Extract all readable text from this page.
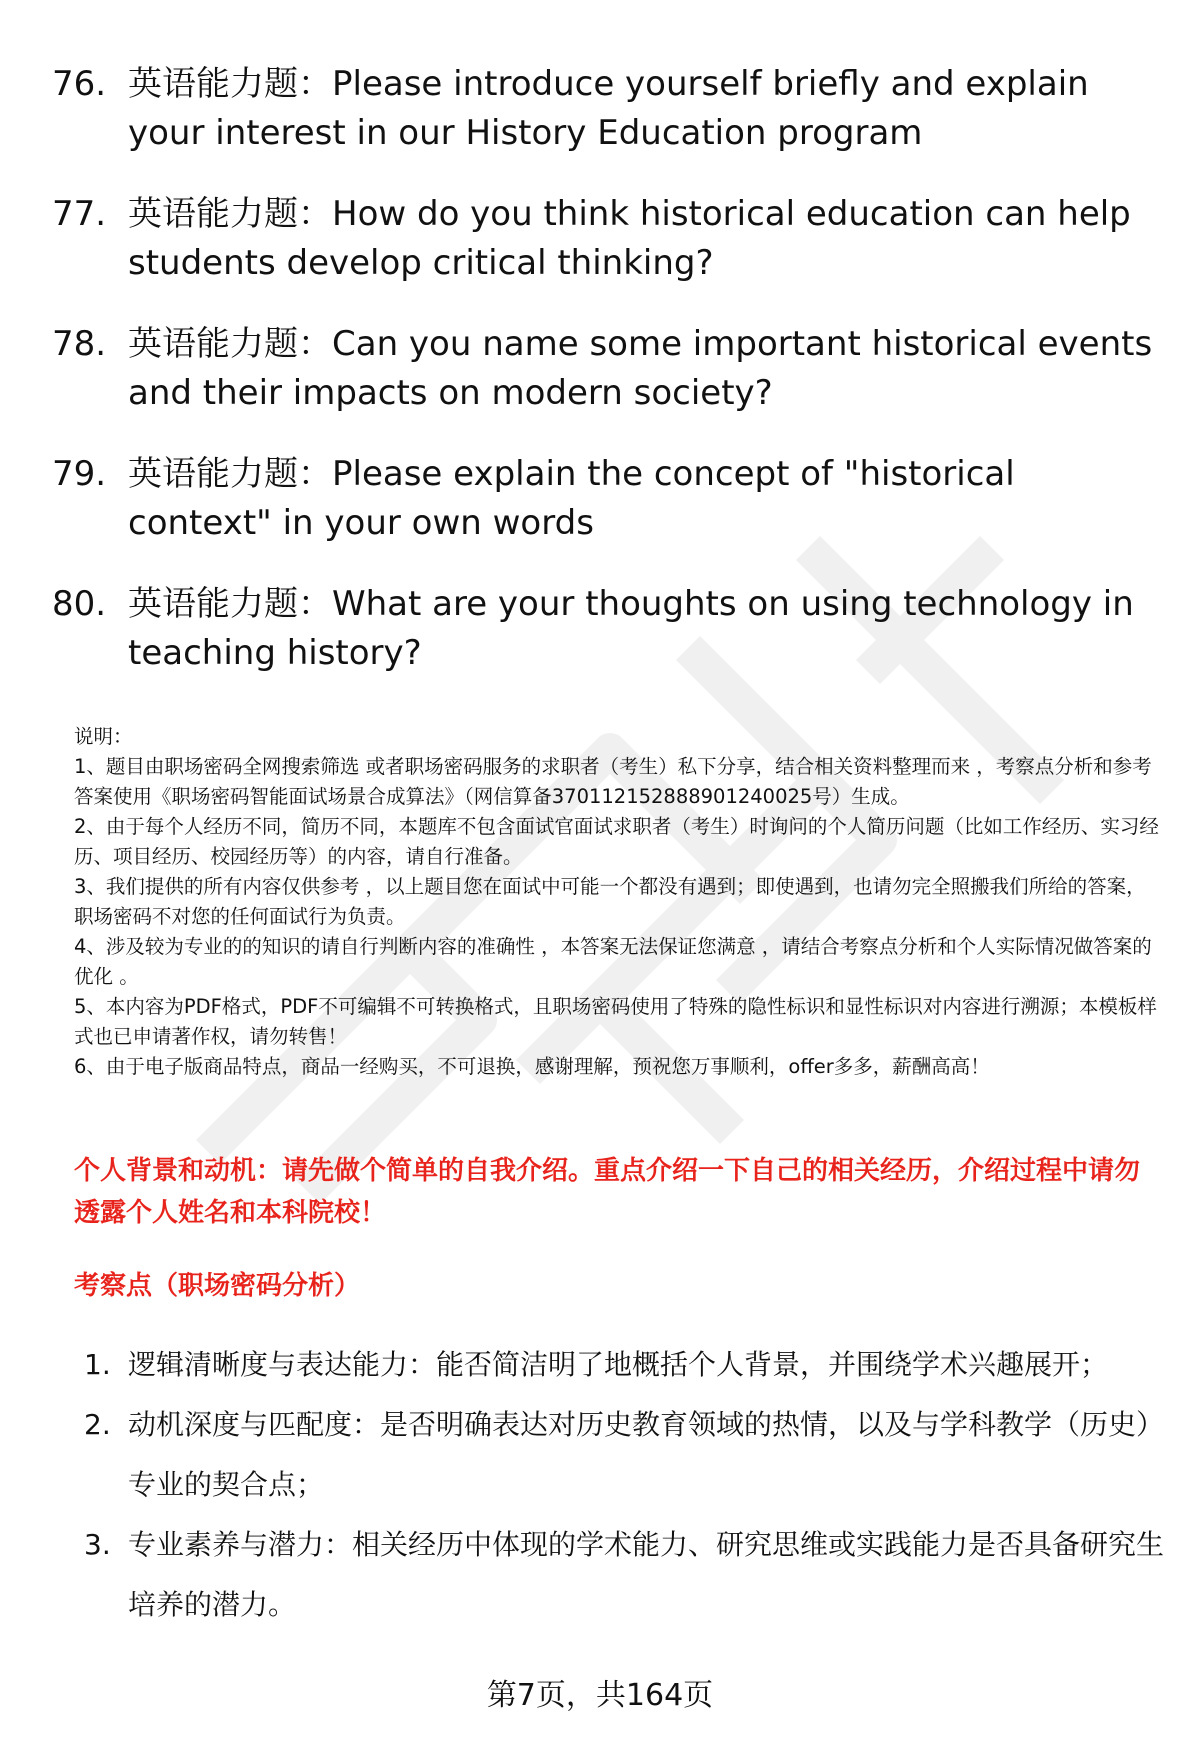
76. 英语能力题：Please introduce yourself briefly and explain your interest in our History Education program
77. 英语能力题：How do you think historical education can help students develop critical thinking?
78. 英语能力题：Can you name some important historical events and their impacts on modern society?
79. 英语能力题：Please explain the concept of "historical context" in your own words
80. 英语能力题：What are your thoughts on using technology in teaching history?

说明：

1、题目由职场密码全网搜索筛选 或者职场密码服务的求职者（考生）私下分享，结合相关资料整理而来 ，考察点分析和参考答案使用《职场密码智能面试场景合成算法》（网信算备370112152888901240025号）生成。

2、由于每个人经历不同，简历不同，本题库不包含面试官面试求职者（考生）时询问的个人简历问题（比如工作经历、实习经历、项目经历、校园经历等）的内容，请自行准备。

3、我们提供的所有内容仅供参考 ，以上题目您在面试中可能一个都没有遇到；即使遇到，也请勿完全照搬我们所给的答案，职场密码不对您的任何面试行为负责。

4、涉及较为专业的的知识的请自行判断内容的准确性 ，本答案无法保证您满意 ，请结合考察点分析和个人实际情况做答案的优化 。

5、本内容为PDF格式，PDF不可编辑不可转换格式，且职场密码使用了特殊的隐性标识和显性标识对内容进行溯源；本模板样式也已申请著作权，请勿转售！

6、由于电子版商品特点，商品一经购买，不可退换，感谢理解，预祝您万事顺利，offer多多，薪酬高高！

个人背景和动机：请先做个简单的自我介绍。重点介绍一下自己的相关经历，介绍过程中请勿透露个人姓名和本科院校！
考察点（职场密码分析）
1. 逻辑清晰度与表达能力：能否简洁明了地概括个人背景，并围绕学术兴趣展开；
2. 动机深度与匹配度：是否明确表达对历史教育领域的热情，以及与学科教学（历史）专业的契合点；
3. 专业素养与潜力：相关经历中体现的学术能力、研究思维或实践能力是否具备研究生培养的潜力。
第7页，共164页
